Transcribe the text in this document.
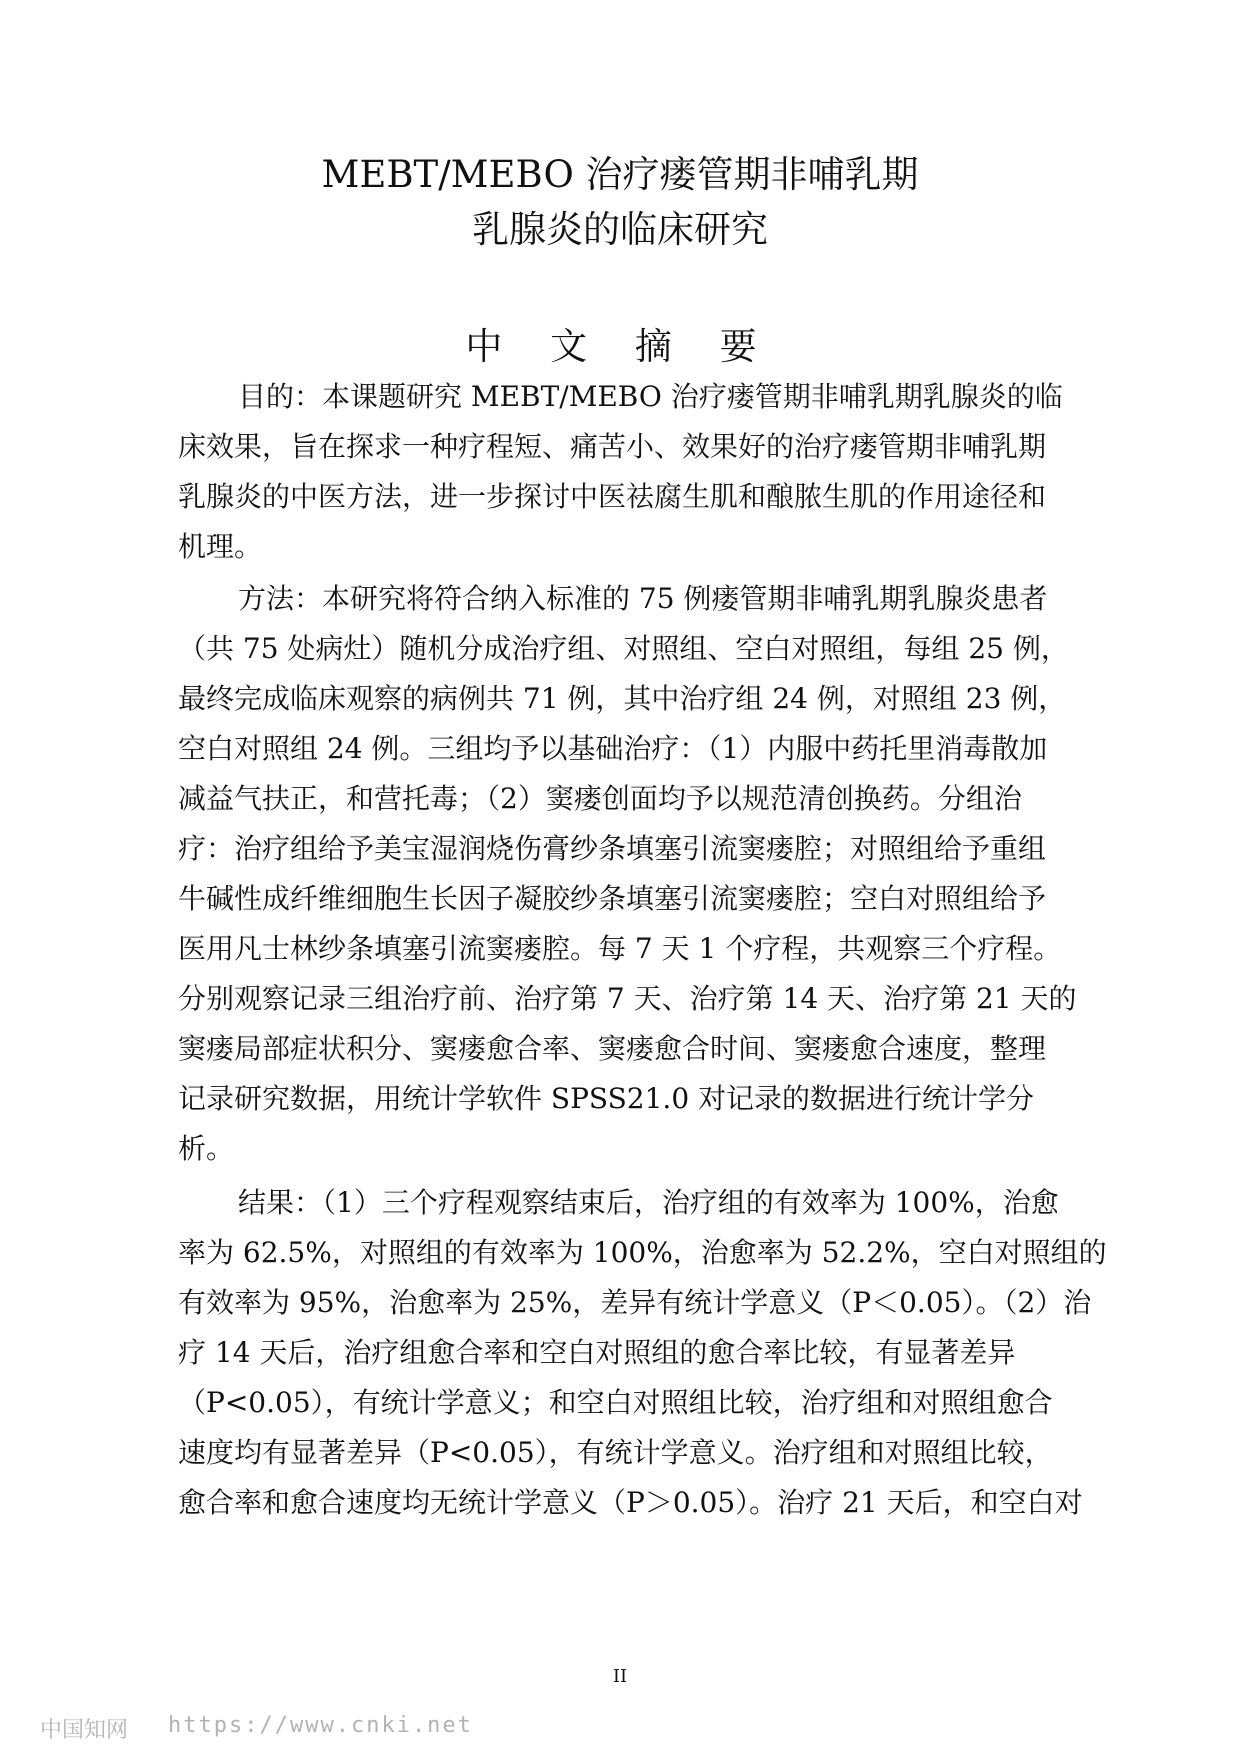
MEBT/MEBO 治疗瘘管期非哺乳期
乳腺炎的临床研究
中 文 摘 要
目的：本课题研究 MEBT/MEBO 治疗瘘管期非哺乳期乳腺炎的临
床效果，旨在探求一种疗程短、痛苦小、效果好的治疗瘘管期非哺乳期
乳腺炎的中医方法，进一步探讨中医祛腐生肌和酿脓生肌的作用途径和
机理。
方法：本研究将符合纳入标准的 75 例瘘管期非哺乳期乳腺炎患者
（共 75 处病灶）随机分成治疗组、对照组、空白对照组，每组 25 例，
最终完成临床观察的病例共 71 例，其中治疗组 24 例，对照组 23 例，
空白对照组 24 例。三组均予以基础治疗：（1）内服中药托里消毒散加
减益气扶正，和营托毒；（2）窦瘘创面均予以规范清创换药。分组治
疗：治疗组给予美宝湿润烧伤膏纱条填塞引流窦瘘腔；对照组给予重组
牛碱性成纤维细胞生长因子凝胶纱条填塞引流窦瘘腔；空白对照组给予
医用凡士林纱条填塞引流窦瘘腔。每 7 天 1 个疗程，共观察三个疗程。
分别观察记录三组治疗前、治疗第 7 天、治疗第 14 天、治疗第 21 天的
窦瘘局部症状积分、窦瘘愈合率、窦瘘愈合时间、窦瘘愈合速度，整理
记录研究数据，用统计学软件 SPSS21.0 对记录的数据进行统计学分
析。
结果：（1）三个疗程观察结束后，治疗组的有效率为 100%，治愈
率为 62.5%，对照组的有效率为 100%，治愈率为 52.2%，空白对照组的
有效率为 95%，治愈率为 25%，差异有统计学意义（P＜0.05）。（2）治
疗 14 天后，治疗组愈合率和空白对照组的愈合率比较，有显著差异
（P<0.05），有统计学意义；和空白对照组比较，治疗组和对照组愈合
速度均有显著差异（P<0.05），有统计学意义。治疗组和对照组比较，
愈合率和愈合速度均无统计学意义（P＞0.05）。治疗 21 天后，和空白对
II
中国知网 https://www.cnki.net
